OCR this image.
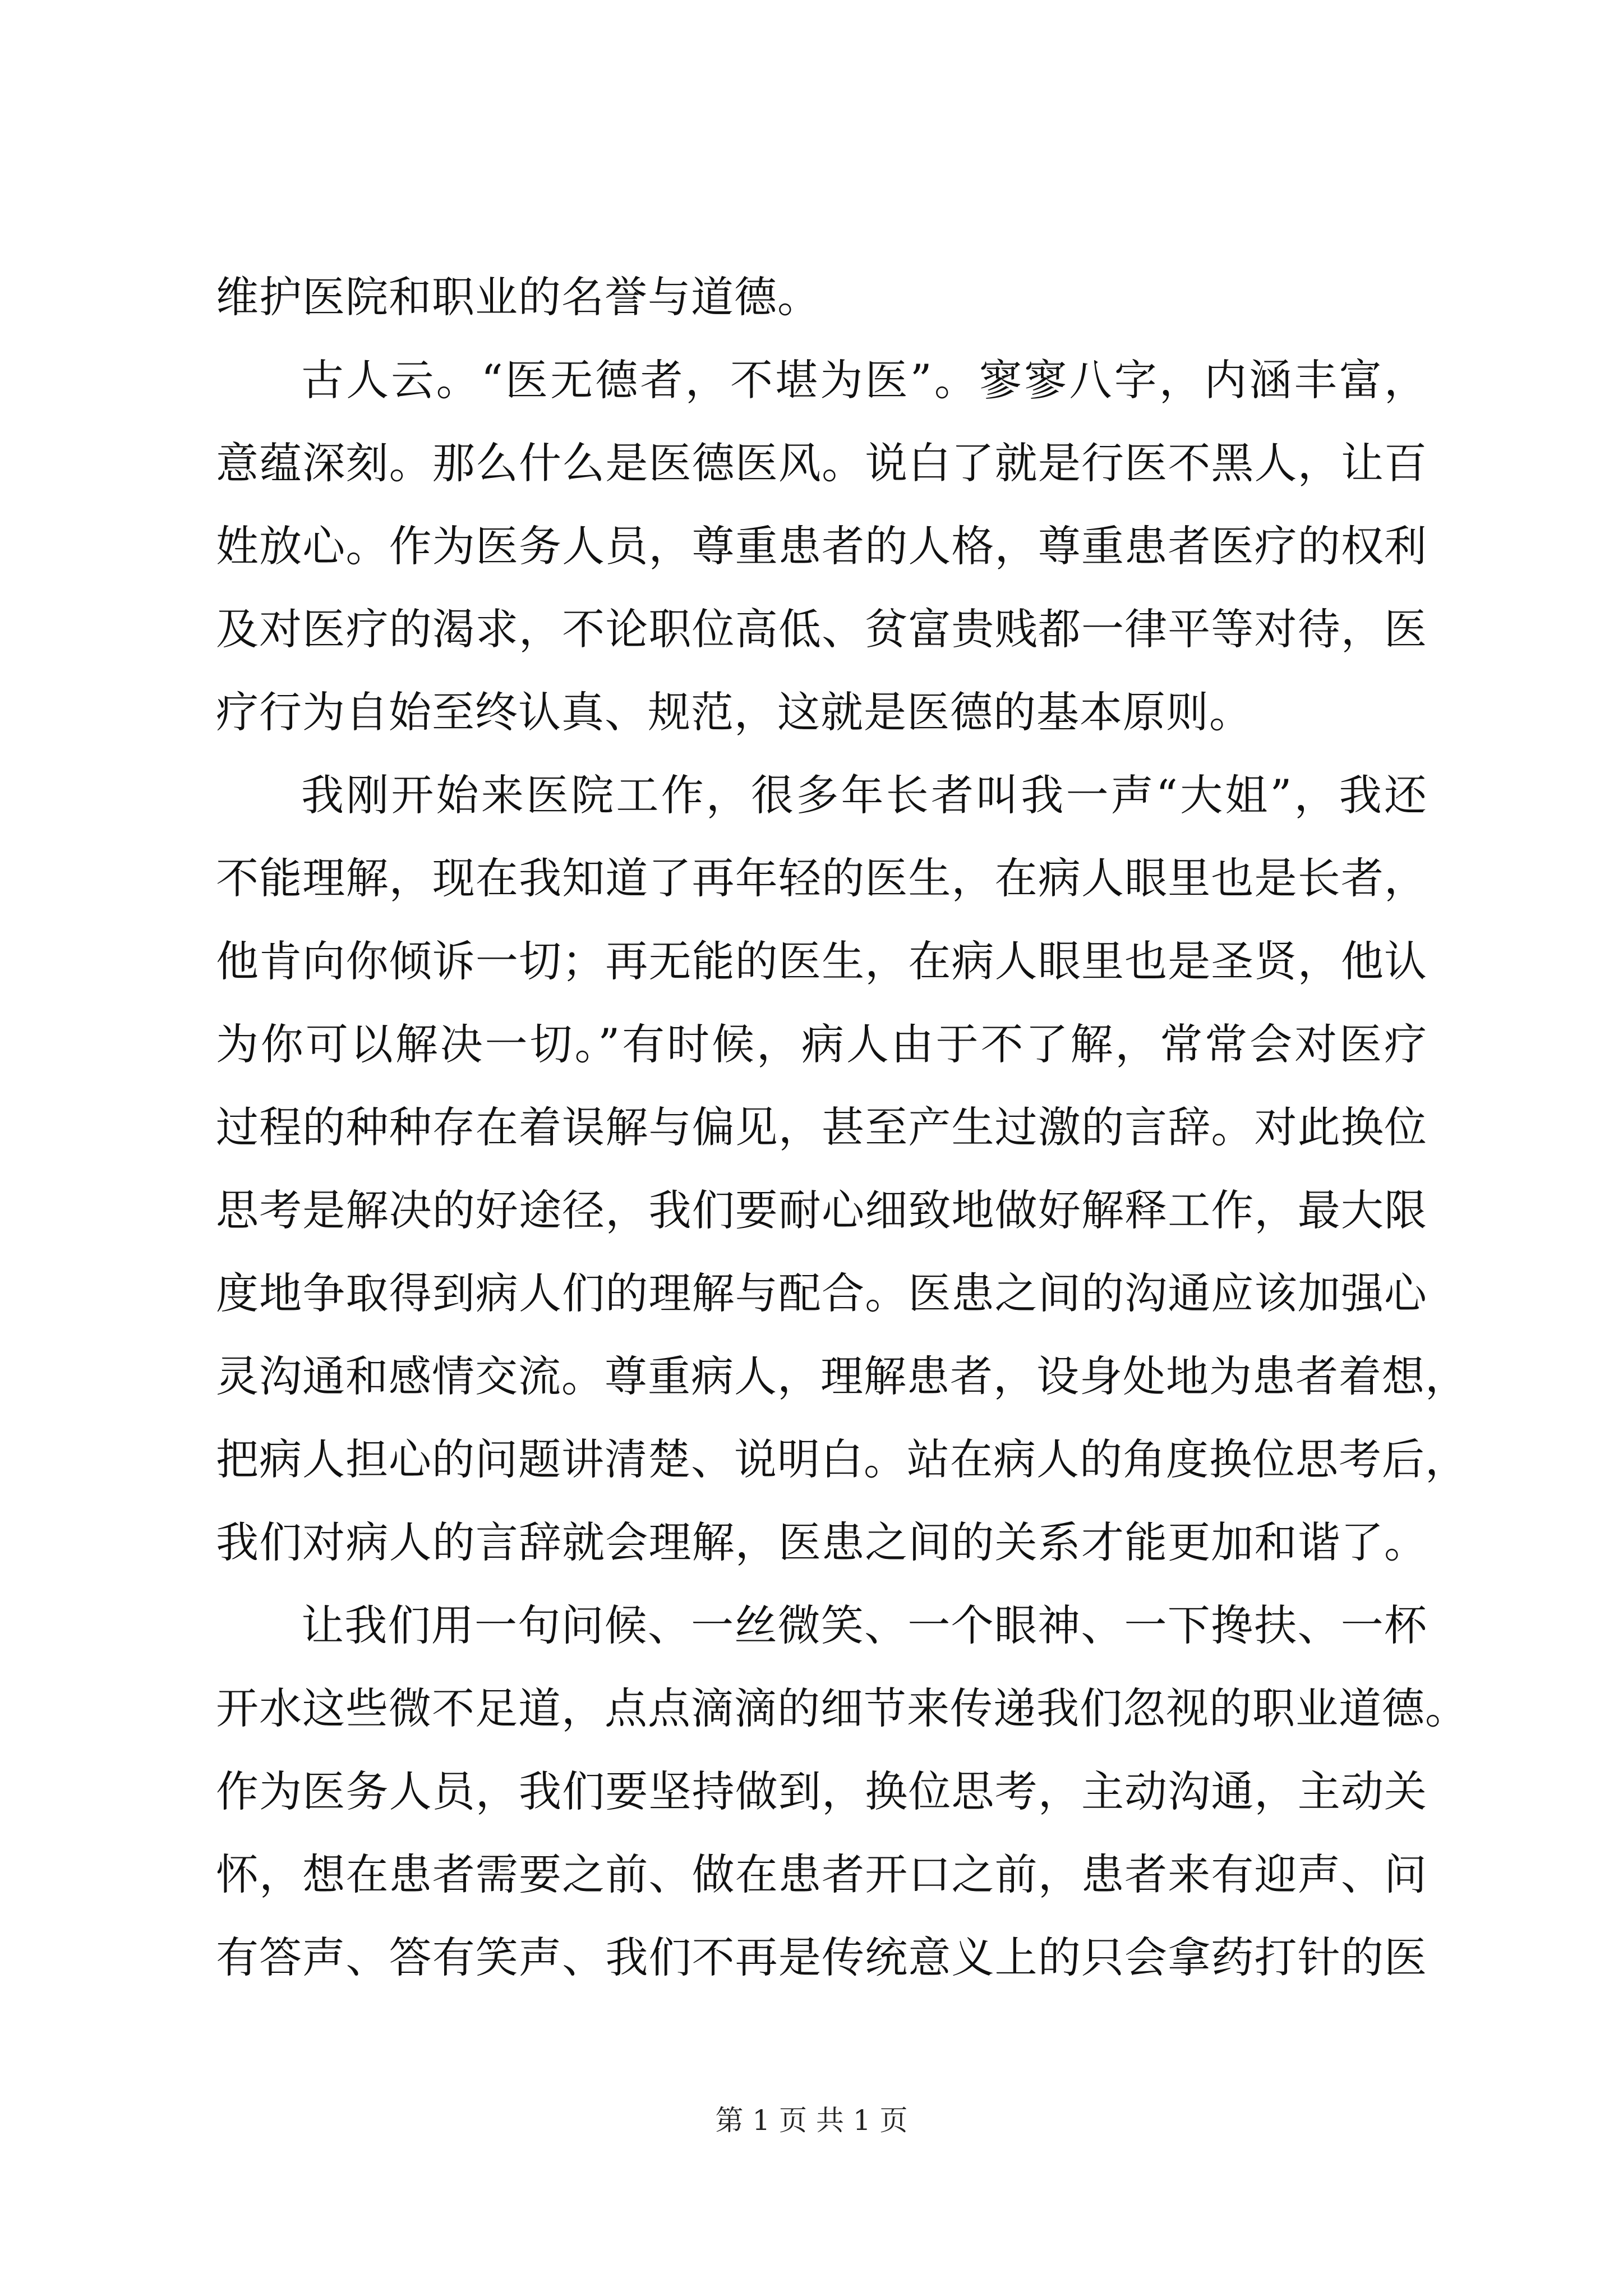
维护医院和职业的名誉与道德。
古人云。“医无德者，不堪为医”。寥寥八字，内涵丰富，
意蕴深刻。那么什么是医德医风。说白了就是行医不黑人，让百
姓放心。作为医务人员，尊重患者的人格，尊重患者医疗的权利
及对医疗的渴求，不论职位高低、贫富贵贱都一律平等对待，医
疗行为自始至终认真、规范，这就是医德的基本原则。
我刚开始来医院工作，很多年长者叫我一声“大姐”，我还
不能理解，现在我知道了再年轻的医生，在病人眼里也是长者，
他肯向你倾诉一切；再无能的医生，在病人眼里也是圣贤，他认
为你可以解决一切。”有时候，病人由于不了解，常常会对医疗
过程的种种存在着误解与偏见，甚至产生过激的言辞。对此换位
思考是解决的好途径，我们要耐心细致地做好解释工作，最大限
度地争取得到病人们的理解与配合。医患之间的沟通应该加强心
灵沟通和感情交流。尊重病人，理解患者，设身处地为患者着想，
把病人担心的问题讲清楚、说明白。站在病人的角度换位思考后，
我们对病人的言辞就会理解，医患之间的关系才能更加和谐了。
让我们用一句问候、一丝微笑、一个眼神、一下搀扶、一杯
开水这些微不足道，点点滴滴的细节来传递我们忽视的职业道德。
作为医务人员，我们要坚持做到，换位思考，主动沟通，主动关
怀，想在患者需要之前、做在患者开口之前，患者来有迎声、问
有答声、答有笑声、我们不再是传统意义上的只会拿药打针的医
第 1 页 共 1 页
